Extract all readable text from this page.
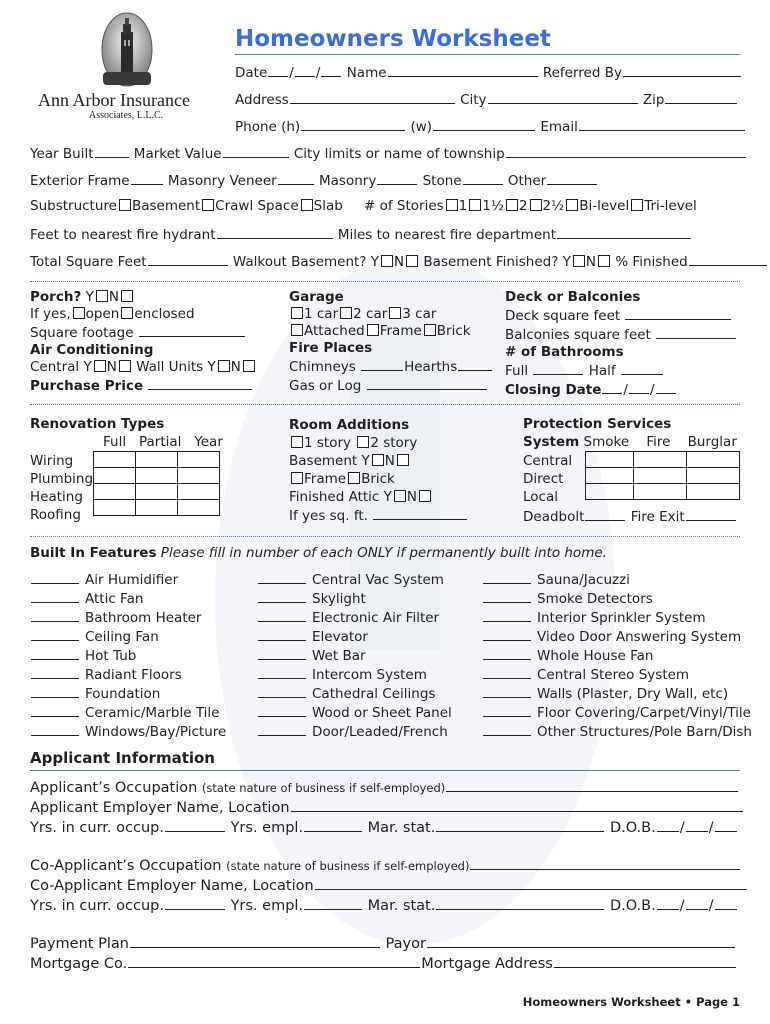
Ann Arbor Insurance
Associates, L.L.C.
Homeowners Worksheet
Date / / Name	Referred By
Address	City	Zip
Phone (h)	(w)	Email
Year Built	Market Value	City limits or name of township
Exterior Frame	Masonry Veneer	Masonry	Stone	Other
Substructure Basement Crawl Space Slab # of Stories 1 1½ 2 2½ Bi-level Tri-level
Feet to nearest fire hydrant	Miles to nearest fire department
Total Square Feet	Walkout Basement? Y N Basement Finished? Y N % Finished
Porch? Y N
If yes, open enclosed
Square footage
Air Conditioning
Central Y N Wall Units Y N
Purchase Price
Garage
1 car 2 car 3 car
Attached Frame Brick
Fire Places
Chimneys	Hearths
Gas or Log
Deck or Balconies
Deck square feet
Balconies square feet
# of Bathrooms
Full	Half
Closing Date / /
Renovation Types
Full Partial Year
Wiring
Plumbing
Heating
Roofing

Room Additions
1 story 2 story
Basement Y N
Frame Brick
Finished Attic Y N
If yes sq. ft.
Protection Services
System Smoke Fire Burglar
Central
Direct
Local

Deadbolt	Fire Exit
Built In Features Please fill in number of each ONLY if permanently built into home.
Air Humidifier
Attic Fan
Bathroom Heater
Ceiling Fan
Hot Tub
Radiant Floors
Foundation
Ceramic/Marble Tile
Windows/Bay/Picture
Central Vac System
Skylight
Electronic Air Filter
Elevator
Wet Bar
Intercom System
Cathedral Ceilings
Wood or Sheet Panel
Door/Leaded/French
Sauna/Jacuzzi
Smoke Detectors
Interior Sprinkler System
Video Door Answering System
Whole House Fan
Central Stereo System
Walls (Plaster, Dry Wall, etc)
Floor Covering/Carpet/Vinyl/Tile
Other Structures/Pole Barn/Dish
Applicant Information
Applicant’s Occupation (state nature of business if self-employed)
Applicant Employer Name, Location
Yrs. in curr. occup.	Yrs. empl.	Mar. stat.	D.O.B. / /
Co-Applicant’s Occupation (state nature of business if self-employed)
Co-Applicant Employer Name, Location
Yrs. in curr. occup.	Yrs. empl.	Mar. stat.	D.O.B. / /
Payment Plan	Payor
Mortgage Co.	Mortgage Address
Homeowners Worksheet • Page 1
